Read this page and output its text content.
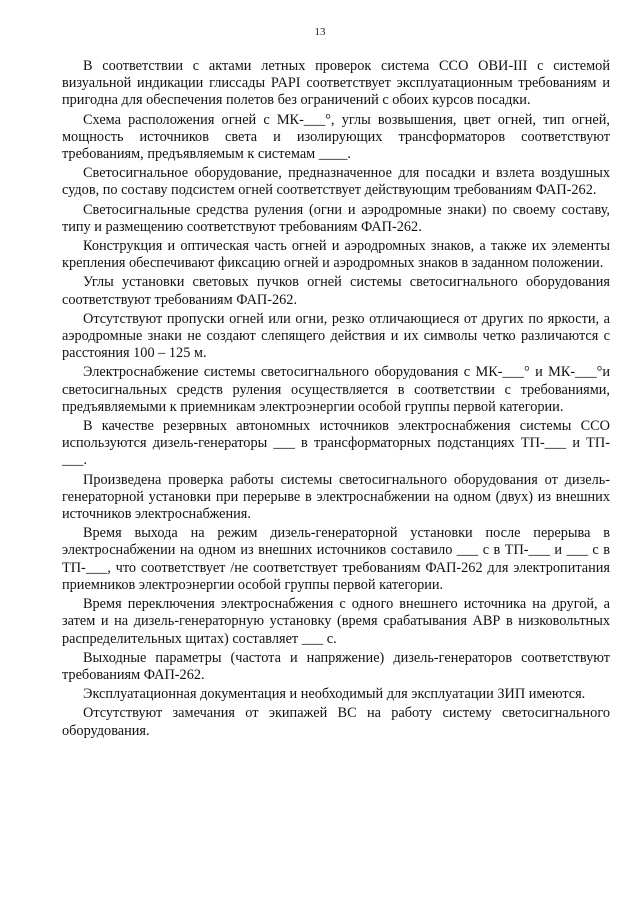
13

В соответствии с актами летных проверок система ССО ОВИ-III с системой визуальной индикации глиссады PAPI соответствует эксплуатационным требованиям и пригодна для обеспечения полетов без ограничений с обоих курсов посадки.

Схема расположения огней с МК-___°, углы возвышения, цвет огней, тип огней, мощность источников света и изолирующих трансформаторов соответствуют требованиям, предъявляемым к системам ____.

Светосигнальное оборудование, предназначенное для посадки и взлета воздушных судов, по составу подсистем огней соответствует действующим требованиям ФАП-262.

Светосигнальные средства руления (огни и аэродромные знаки) по своему составу, типу и размещению соответствуют требованиям ФАП-262.

Конструкция и оптическая часть огней и аэродромных знаков, а также их элементы крепления обеспечивают фиксацию огней и аэродромных знаков в заданном положении.

Углы установки световых пучков огней системы светосигнального оборудования соответствуют требованиям ФАП-262.

Отсутствуют пропуски огней или огни, резко отличающиеся от других по яркости, а аэродромные знаки не создают слепящего действия и их символы четко различаются с расстояния 100 – 125 м.

Электроснабжение системы светосигнального оборудования с МК-___° и МК-___°и светосигнальных средств руления осуществляется в соответствии с требованиями, предъявляемыми к приемникам электроэнергии особой группы первой категории.

В качестве резервных автономных источников электроснабжения системы ССО используются дизель-генераторы ___ в трансформаторных подстанциях ТП-___ и ТП-___.

Произведена проверка работы системы светосигнального оборудования от дизель-генераторной установки при перерыве в электроснабжении на одном (двух) из внешних источников электроснабжения.

Время выхода на режим дизель-генераторной установки после перерыва в электроснабжении на одном из внешних источников составило ___ с в ТП-___ и ___ с в ТП-___, что соответствует /не соответствует требованиям ФАП-262 для электропитания приемников электроэнергии особой группы первой категории.

Время переключения электроснабжения с одного внешнего источника на другой, а затем и на дизель-генераторную установку (время срабатывания АВР в низковольтных распределительных щитах) составляет ___ с.

Выходные параметры (частота и напряжение) дизель-генераторов соответствуют требованиям ФАП-262.

Эксплуатационная документация и необходимый для эксплуатации ЗИП имеются.

Отсутствуют замечания от экипажей ВС на работу систему светосигнального оборудования.
